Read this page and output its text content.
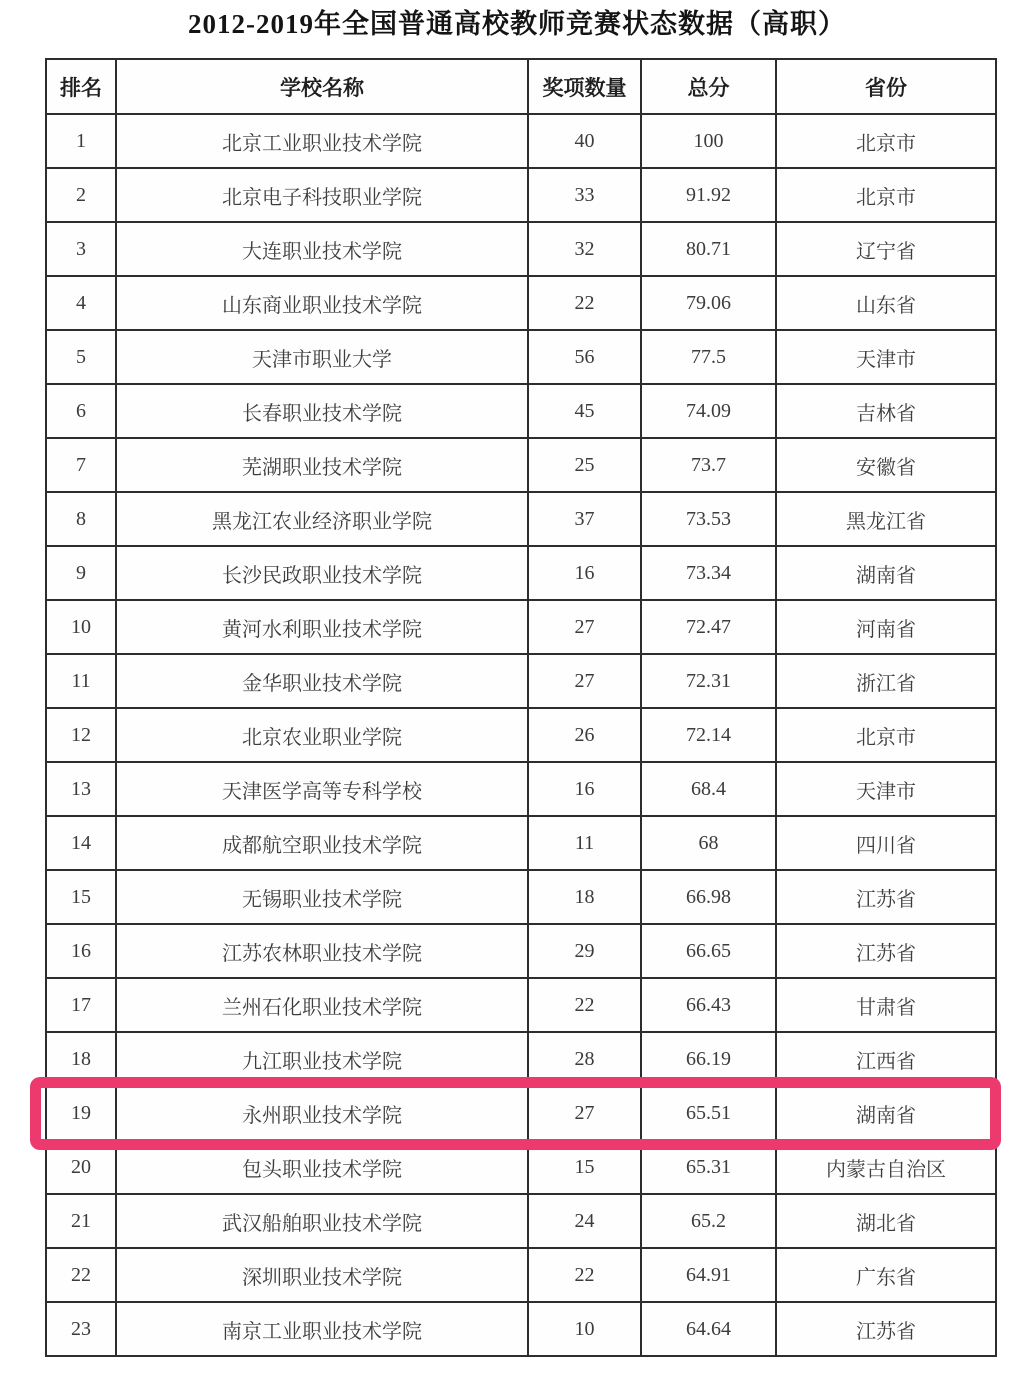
2012-2019年全国普通高校教师竞赛状态数据（高职）
排名	学校名称	奖项数量	总分	省份
1	北京工业职业技术学院	40	100	北京市
2	北京电子科技职业学院	33	91.92	北京市
3	大连职业技术学院	32	80.71	辽宁省
4	山东商业职业技术学院	22	79.06	山东省
5	天津市职业大学	56	77.5	天津市
6	长春职业技术学院	45	74.09	吉林省
7	芜湖职业技术学院	25	73.7	安徽省
8	黑龙江农业经济职业学院	37	73.53	黑龙江省
9	长沙民政职业技术学院	16	73.34	湖南省
10	黄河水利职业技术学院	27	72.47	河南省
11	金华职业技术学院	27	72.31	浙江省
12	北京农业职业学院	26	72.14	北京市
13	天津医学高等专科学校	16	68.4	天津市
14	成都航空职业技术学院	11	68	四川省
15	无锡职业技术学院	18	66.98	江苏省
16	江苏农林职业技术学院	29	66.65	江苏省
17	兰州石化职业技术学院	22	66.43	甘肃省
18	九江职业技术学院	28	66.19	江西省
19	永州职业技术学院	27	65.51	湖南省
20	包头职业技术学院	15	65.31	内蒙古自治区
21	武汉船舶职业技术学院	24	65.2	湖北省
22	深圳职业技术学院	22	64.91	广东省
23	南京工业职业技术学院	10	64.64	江苏省
